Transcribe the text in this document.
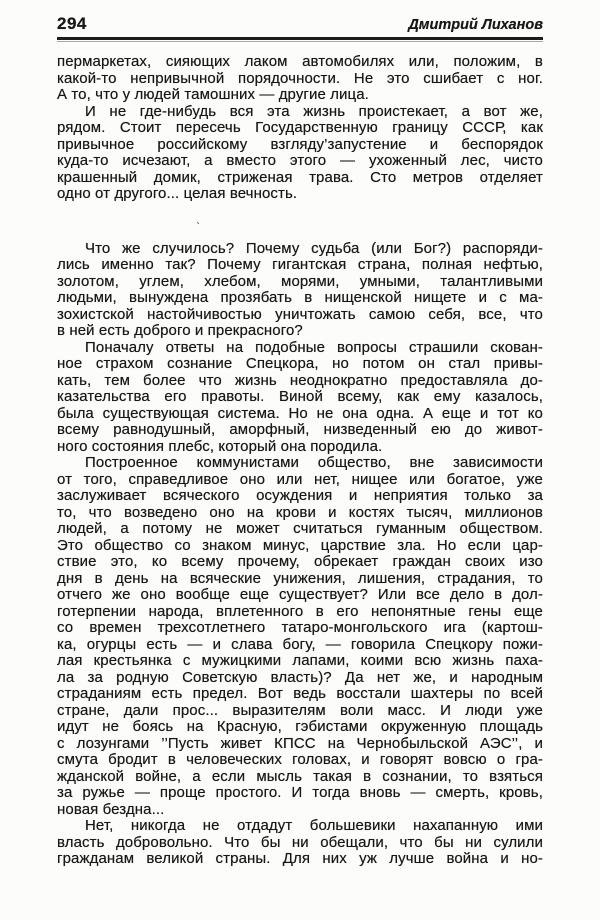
294	Дмитрий Лиханов
пермаркетах, сияющих лаком автомобилях или, положим, в
какой-то непривычной порядочности. Не это сшибает с ног.
А то, что у людей тамошних — другие лица.
И не где-нибудь вся эта жизнь проистекает, а вот же,
рядом. Стоит пересечь Государственную границу СССР, как
привычное российскому взгляду’запустение и беспорядок
куда-то исчезают, а вместо этого — ухоженный лес, чисто
крашенный домик, стриженая трава. Сто метров отделяет
одно от другого... целая вечность.
Что же случилось? Почему судьба (или Бог?) распоряди-
лись именно так? Почему гигантская страна, полная нефтью,
золотом, углем, хлебом, морями, умными, талантливыми
людьми, вынуждена прозябать в нищенской нищете и с ма-
зохистской настойчивостью уничтожать самою себя, все, что
в ней есть доброго и прекрасного?
Поначалу ответы на подобные вопросы страшили скован-
ное страхом сознание Спецкора, но потом он стал привы-
кать, тем более что жизнь неоднократно предоставляла до-
казательства его правоты. Виной всему, как ему казалось,
была существующая система. Но не она одна. А еще и тот ко
всему равнодушный, аморфный, низведенный ею до живот-
ного состояния плебс, который она породила.
Построенное коммунистами общество, вне зависимости
от того, справедливое оно или нет, нищее или богатое, уже
заслуживает всяческого осуждения и неприятия только за
то, что возведено оно на крови и костях тысяч, миллионов
людей, а потому не может считаться гуманным обществом.
Это общество со знаком минус, царствие зла. Но если цар-
ствие это, ко всему прочему, обрекает граждан своих изо
дня в день на всяческие унижения, лишения, страдания, то
отчего же оно вообще еще существует? Или все дело в дол-
готерпении народа, вплетенного в его непонятные гены еще
со времен трехсотлетнего татаро-монгольского ига (картош-
ка, огурцы есть — и слава богу, — говорила Спецкору пожи-
лая крестьянка с мужицкими лапами, коими всю жизнь паха-
ла за родную Советскую власть)? Да нет же, и народным
страданиям есть предел. Вот ведь восстали шахтеры по всей
стране, дали прос... выразителям воли масс. И люди уже
идут не боясь на Красную, гэбистами окруженную площадь
с лозунгами ’’Пусть живет КПСС на Чернобыльской АЭС’’, и
смута бродит в человеческих головах, и говорят вовсю о гра-
жданской войне, а если мысль такая в сознании, то взяться
за ружье — проще простого. И тогда вновь — смерть, кровь,
новая бездна...
Нет, никогда не отдадут большевики нахапанную ими
власть добровольно. Что бы ни обещали, что бы ни сулили
гражданам великой страны. Для них уж лучше война и но-
`
